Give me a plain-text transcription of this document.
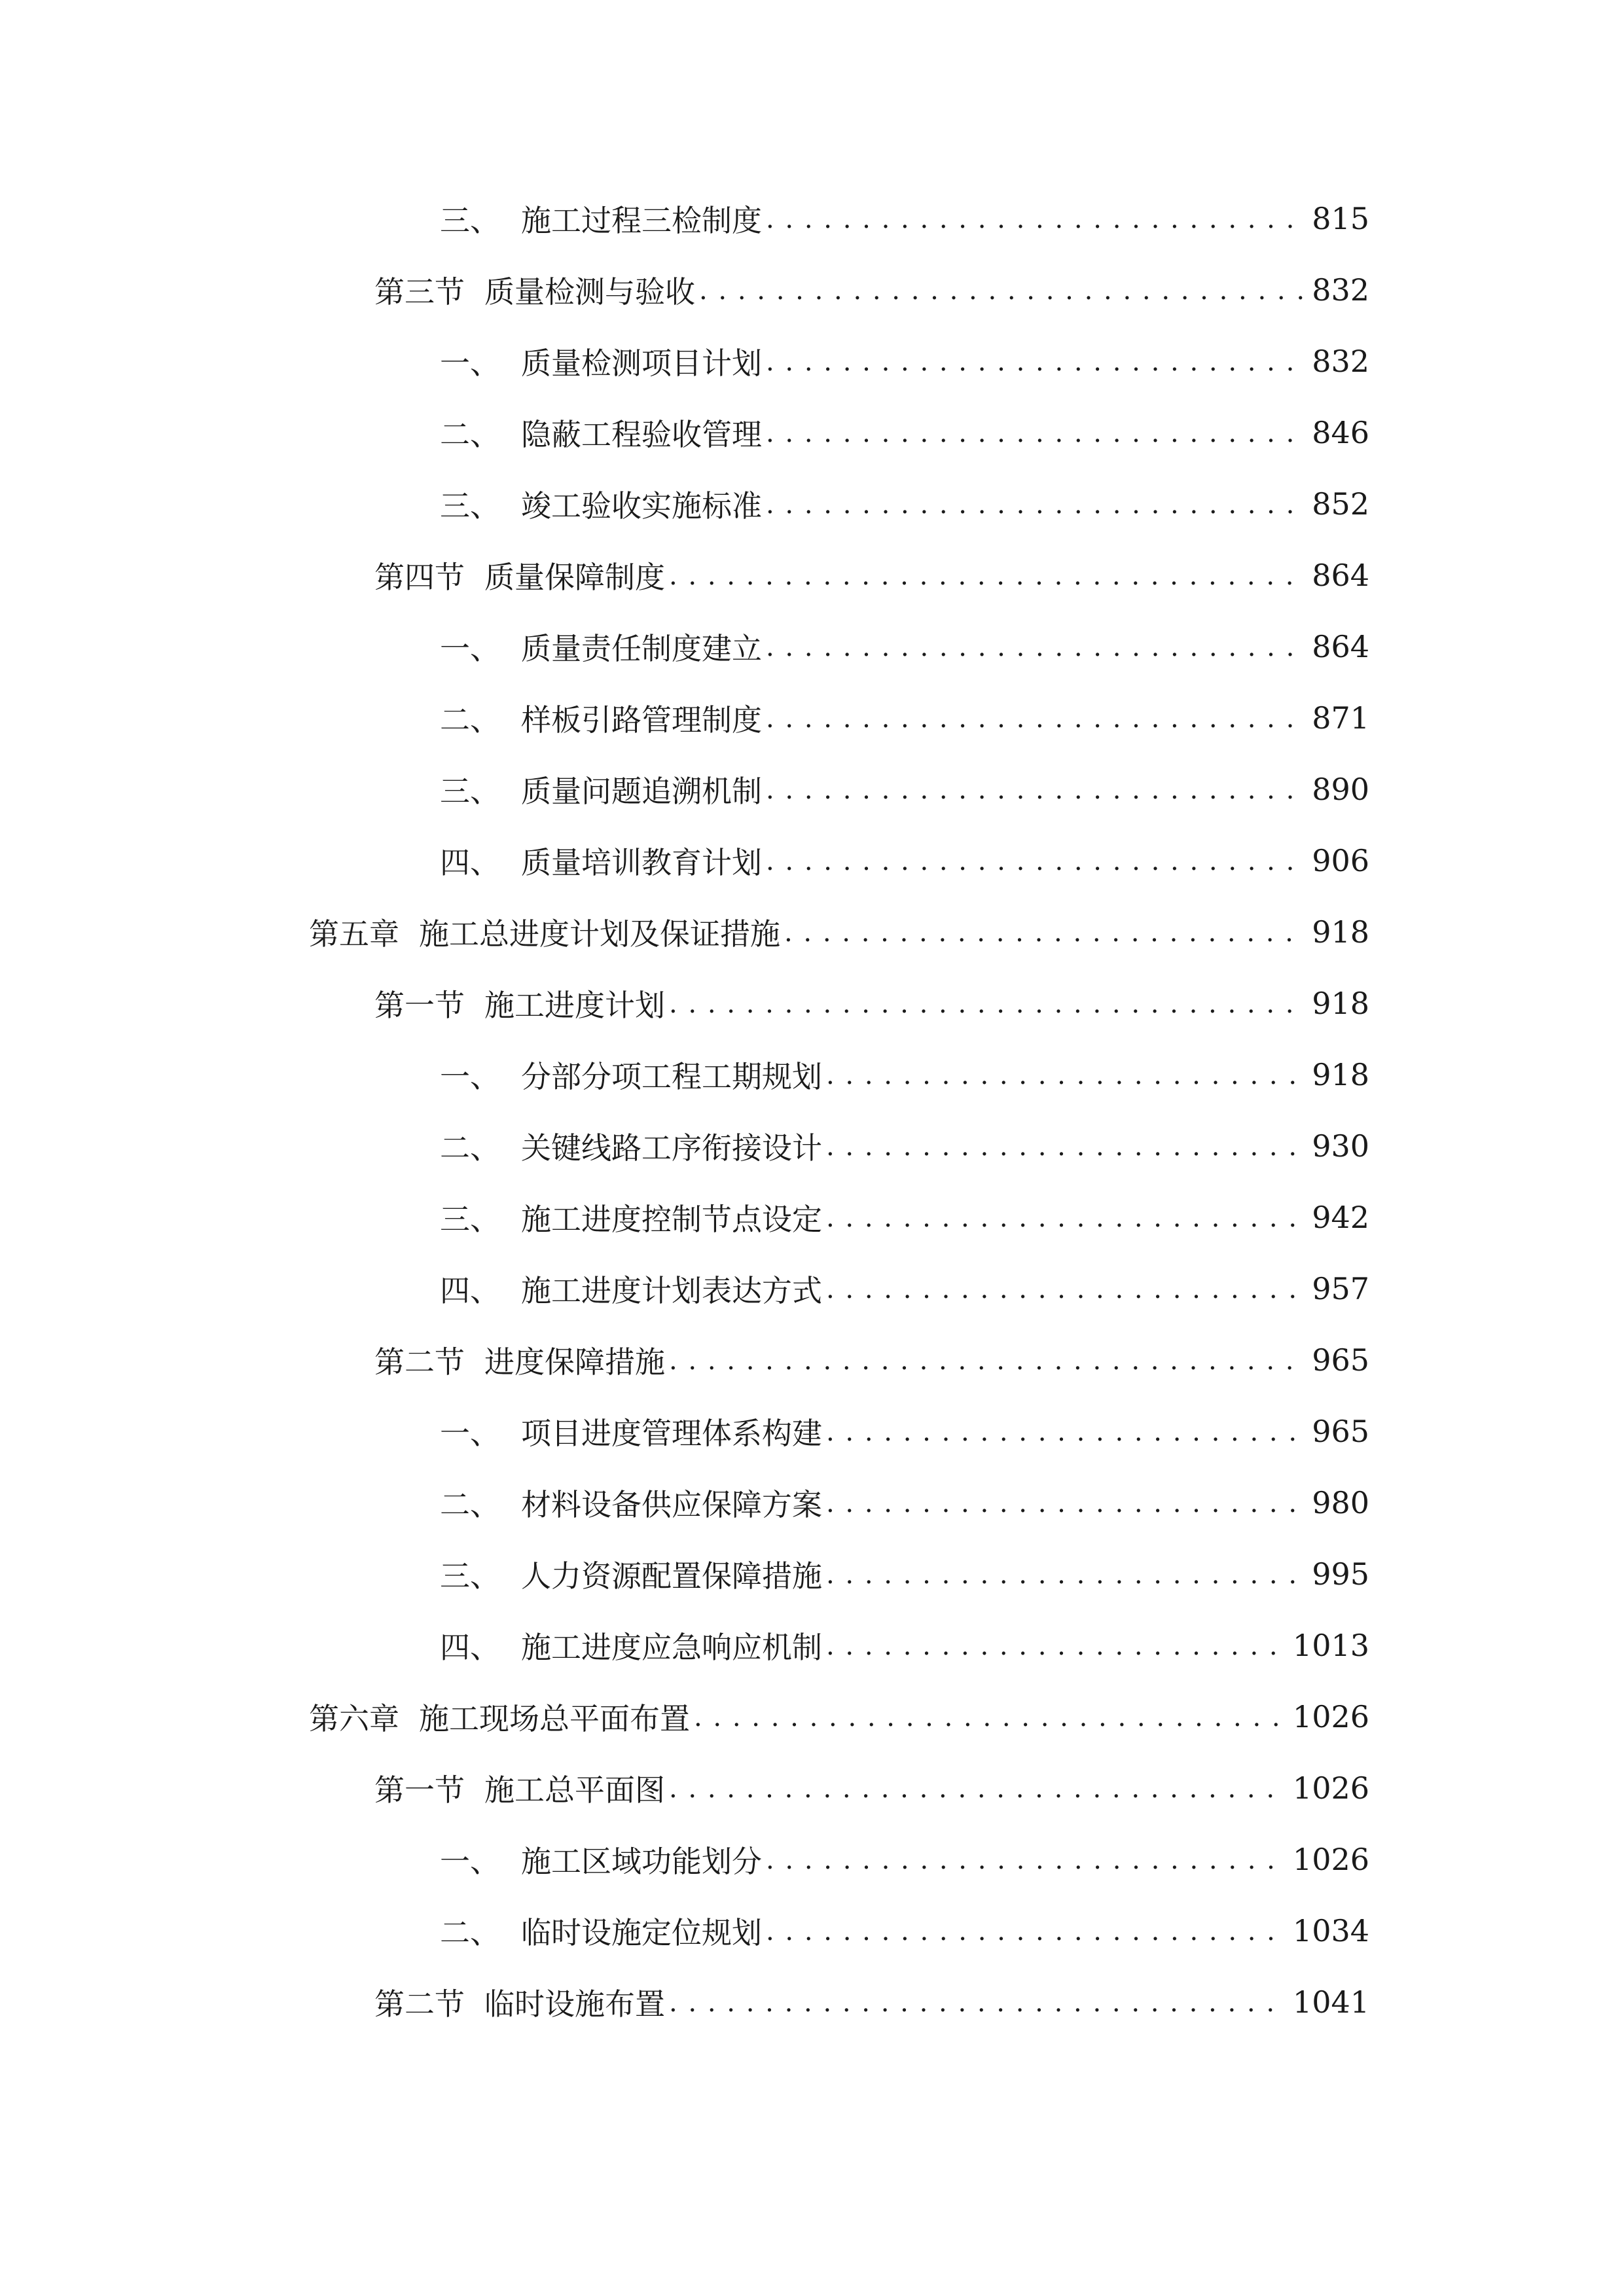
三、 施工过程三检制度 . . .	815
第三节 质量检测与验收 . . .	832
一、 质量检测项目计划 . . .	832
二、 隐蔽工程验收管理 . . .	846
三、 竣工验收实施标准 . . .	852
第四节 质量保障制度 . . .	864
一、 质量责任制度建立 . . .	864
二、 样板引路管理制度 . . .	871
三、 质量问题追溯机制 . . .	890
四、 质量培训教育计划 . . .	906
第五章 施工总进度计划及保证措施 . . .	918
第一节 施工进度计划 . . .	918
一、 分部分项工程工期规划 . . .	918
二、 关键线路工序衔接设计 . . .	930
三、 施工进度控制节点设定 . . .	942
四、 施工进度计划表达方式 . . .	957
第二节 进度保障措施 . . .	965
一、 项目进度管理体系构建 . . .	965
二、 材料设备供应保障方案 . . .	980
三、 人力资源配置保障措施 . . .	995
四、 施工进度应急响应机制 . . .	1013
第六章 施工现场总平面布置 . . .	1026
第一节 施工总平面图 . . .	1026
一、 施工区域功能划分 . . .	1026
二、 临时设施定位规划 . . .	1034
第二节 临时设施布置 . . .	1041
